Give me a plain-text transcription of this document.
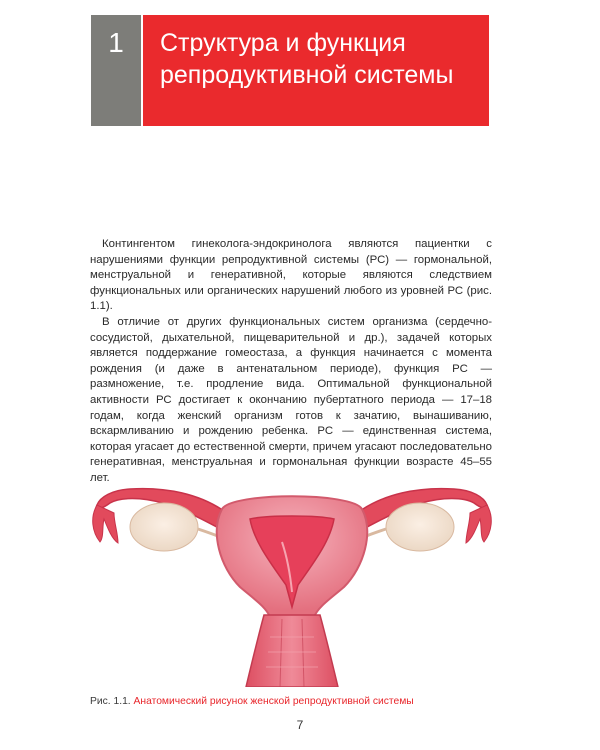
1	Структура и функция
репродуктивной системы

Контингентом гинеколога-эндокринолога являются пациентки с нарушениями функции репродуктивной системы (РС) — гормональной, менструальной и генеративной, которые являются следствием функциональных или органических нарушений любого из уровней РС (рис. 1.1).

В отличие от других функциональных систем организма (сердечно-сосудистой, дыхательной, пищеварительной и др.), задачей которых является поддержание гомеостаза, а функция начинается с момента рождения (и даже в антенатальном периоде), функция РС — размножение, т.е. продление вида. Оптимальной функциональной активности РС достигает к окончанию пубертатного периода — 17–18 годам, когда женский организм готов к зачатию, вынашиванию, вскармливанию и рождению ребенка. РС — единственная система, которая угасает до естественной смерти, причем угасают последовательно генеративная, менструальная и гормональная функции возрасте 45–55 лет.

Рис. 1.1. Анатомический рисунок женской репродуктивной системы
7
